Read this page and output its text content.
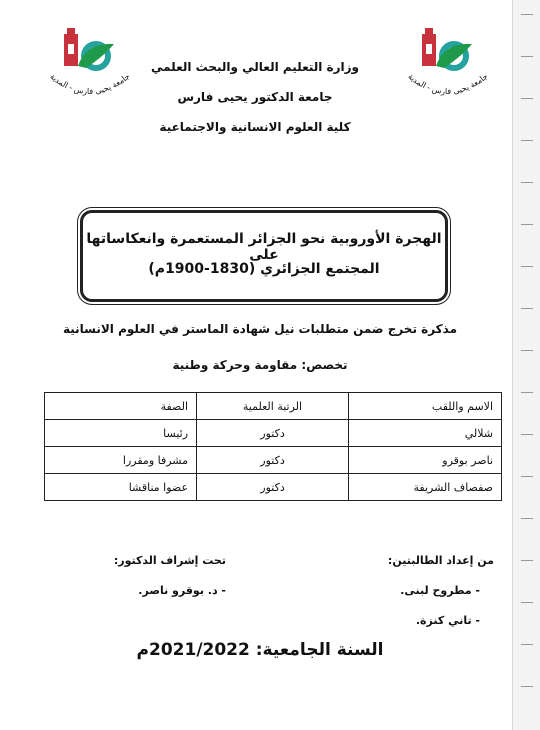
جامعة يحيى فارس - المدية	جامعة يحيى فارس - المدية
وزارة التعليم العالي والبحث العلمي
جامعة الدكتور يحيى فارس
كلية العلوم الانسانية والاجتماعية
الهجرة الأوروبية نحو الجزائر المستعمرة وانعكاساتها على
المجتمع الجزائري (1830-1900م)
مذكرة تخرج ضمن متطلبات نيل شهادة الماستر في العلوم الانسانية
تخصص: مقاومة وحركة وطنية
الاسم واللقب	الرتبة العلمية	الصفة
شلالي	دكتور	رئيسا
ناصر بوقرو	دكتور	مشرفا ومقررا
صفصاف الشريفة	دكتور	عضوا مناقشا
من إعداد الطالبتين:
- مطروح لبنى.
- تاني كنزة.
تحت إشراف الدكتور:
- د. بوقرو ناصر.
السنة الجامعية: 2021/2022م
